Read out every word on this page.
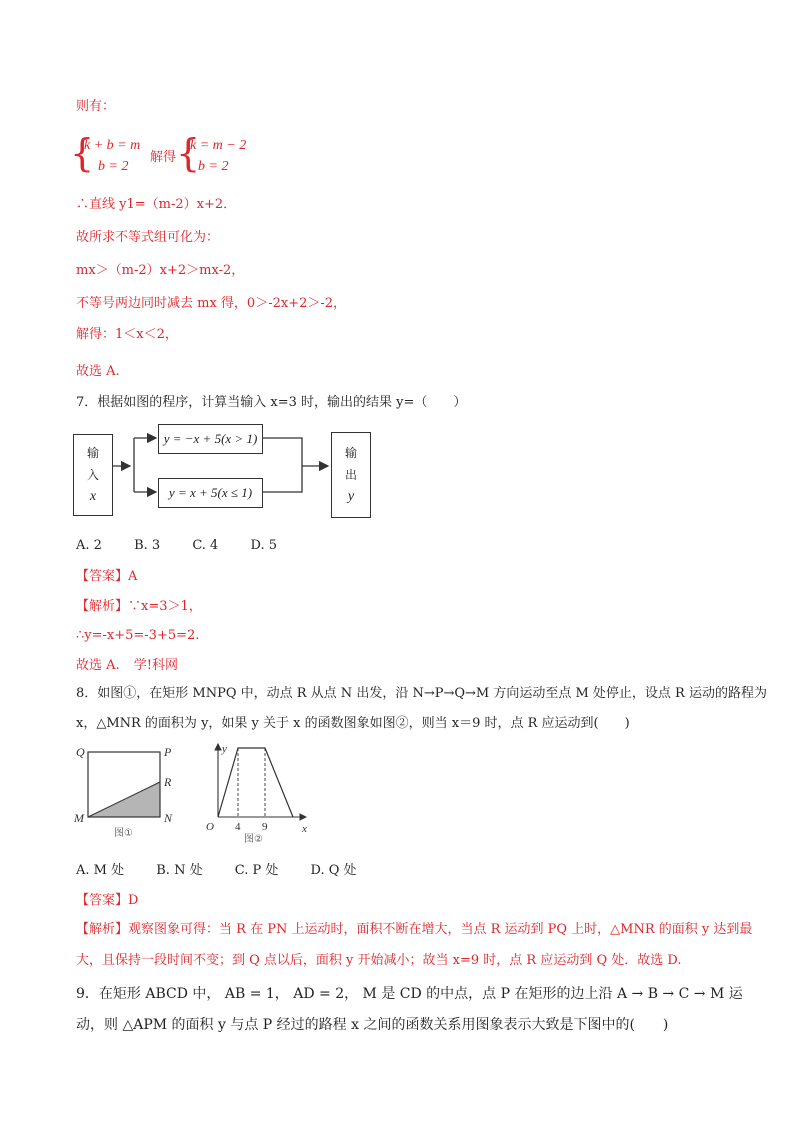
则有：
{
k + b = m
b = 2
解得 {
k = m − 2
b = 2
∴直线 y1=（m-2）x+2．
故所求不等式组可化为：
mx＞（m-2）x+2＞mx-2，
不等号两边同时减去 mx 得，0＞-2x+2＞-2，
解得：1＜x＜2，
故选 A.
7．根据如图的程序，计算当输入 x=3 时，输出的结果 y=（　　）
输
入
x
y = −x + 5(x > 1)
y = x + 5(x ≤ 1)
输
出
y
A. 2 B. 3 C. 4 D. 5
【答案】A
【解析】∵x=3＞1，
∴y=-x+5=-3+5=2.
故选 A. 学!科网
8．如图①，在矩形 MNPQ 中，动点 R 从点 N 出发，沿 N→P→Q→M 方向运动至点 M 处停止，设点 R 运动的路程为
x，△MNR 的面积为 y，如果 y 关于 x 的函数图象如图②，则当 x＝9 时，点 R 应运动到(　　)
Q	P
R
M	N
图①
y
x
O 4 9
图②
A. M 处 B. N 处 C. P 处 D. Q 处
【答案】D
【解析】观察图象可得：当 R 在 PN 上运动时，面积不断在增大，当点 R 运动到 PQ 上时，△MNR 的面积 y 达到最
大，且保持一段时间不变；到 Q 点以后，面积 y 开始减小；故当 x=9 时，点 R 应运动到 Q 处．故选 D.
9．在矩形 ABCD 中， AB = 1， AD = 2， M 是 CD 的中点，点 P 在矩形的边上沿 A → B → C → M 运
动，则 △APM 的面积 y 与点 P 经过的路程 x 之间的函数关系用图象表示大致是下图中的(　　)
